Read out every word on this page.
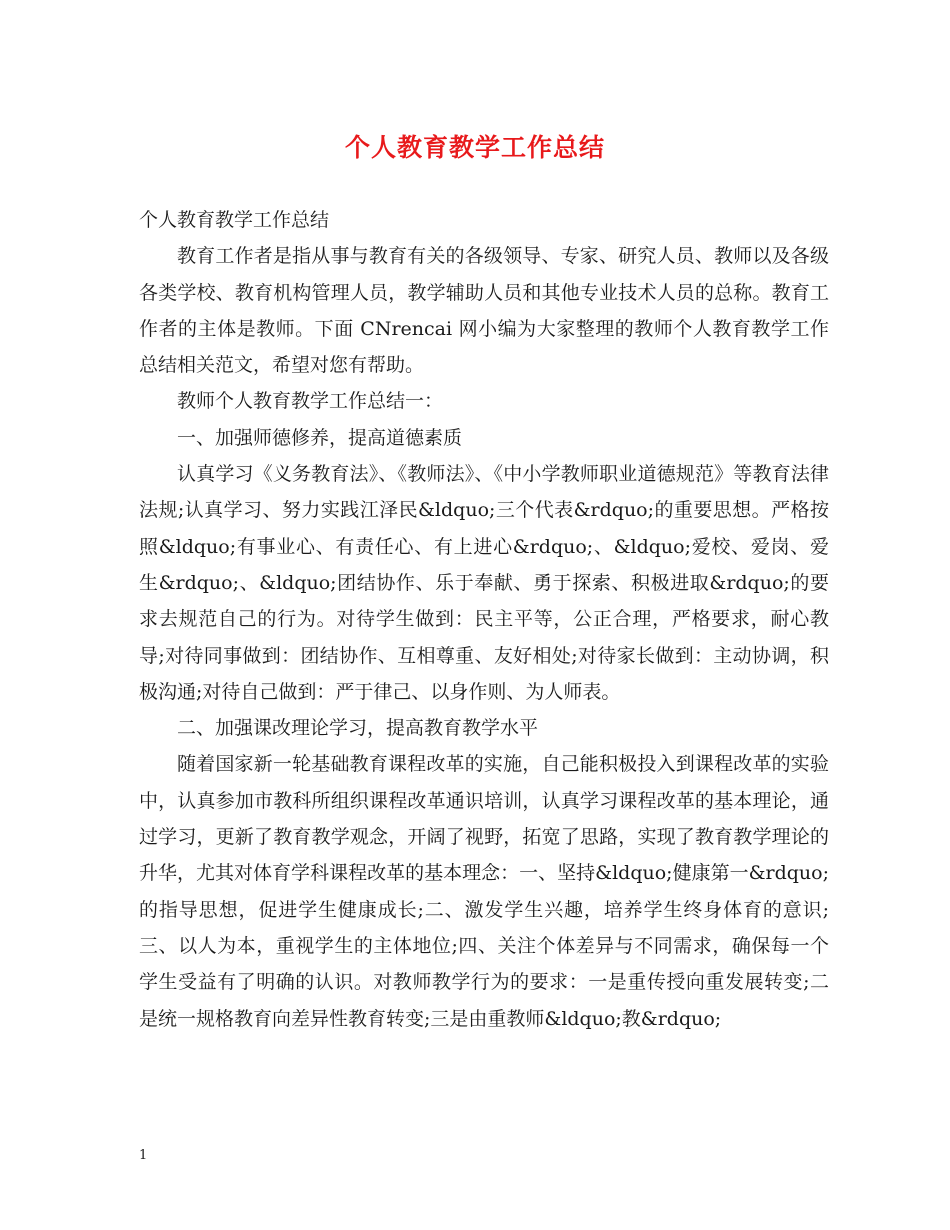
个人教育教学工作总结

个人教育教学工作总结

教育工作者是指从事与教育有关的各级领导、专家、研究人员、教师以及各级各类学校、教育机构管理人员，教学辅助人员和其他专业技术人员的总称。教育工作者的主体是教师。下面 CNrencai 网小编为大家整理的教师个人教育教学工作总结相关范文，希望对您有帮助。

教师个人教育教学工作总结一：

一、加强师德修养，提高道德素质

认真学习《义务教育法》、《教师法》、《中小学教师职业道德规范》等教育法律法规;认真学习、努力实践江泽民&ldquo;三个代表&rdquo;的重要思想。严格按照&ldquo;有事业心、有责任心、有上进心&rdquo;、&ldquo;爱校、爱岗、爱生&rdquo;、&ldquo;团结协作、乐于奉献、勇于探索、积极进取&rdquo;的要求去规范自己的行为。对待学生做到：民主平等，公正合理，严格要求，耐心教导;对待同事做到：团结协作、互相尊重、友好相处;对待家长做到：主动协调，积极沟通;对待自己做到：严于律己、以身作则、为人师表。

二、加强课改理论学习，提高教育教学水平

随着国家新一轮基础教育课程改革的实施，自己能积极投入到课程改革的实验中，认真参加市教科所组织课程改革通识培训，认真学习课程改革的基本理论，通过学习，更新了教育教学观念，开阔了视野，拓宽了思路，实现了教育教学理论的升华，尤其对体育学科课程改革的基本理念：一、坚持&ldquo;健康第一&rdquo;的指导思想，促进学生健康成长;二、激发学生兴趣，培养学生终身体育的意识;三、以人为本，重视学生的主体地位;四、关注个体差异与不同需求，确保每一个学生受益有了明确的认识。对教师教学行为的要求：一是重传授向重发展转变;二是统一规格教育向差异性教育转变;三是由重教师&ldquo;教&rdquo;

1
